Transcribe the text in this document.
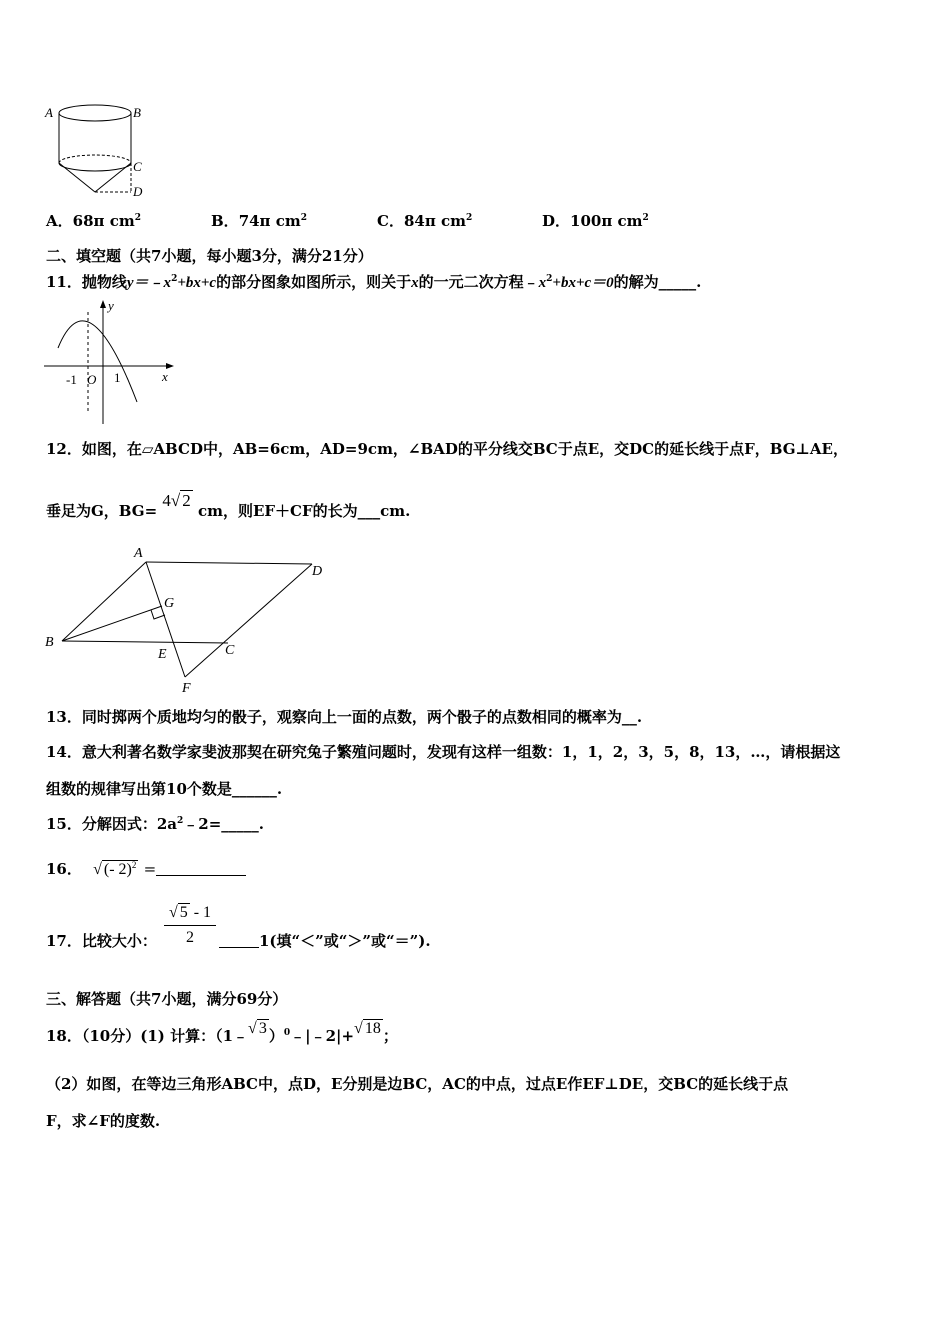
A	B
C
D
A．68π $cm^2$	B．74π $cm^2$	C．84π $cm^2$	D．100π $cm^2$
二、填空题（共7小题，每小题3分，满分21分）
11．抛物线$y=﹣x^2+bx+c$的部分图象如图所示，则关于x的一元二次方程$﹣x^2+bx+c=0$的解为_____.
y
x
-1 O 1
12．如图，在▱ABCD中，AB=6cm，AD=9cm，∠BAD的平分线交BC于点E，交DC的延长线于点F，BG⊥AE，
垂足为G，BG= 4√ 2 cm，则EF＋CF的长为___cm.
A
D
B
C
E
F
G
13．同时掷两个质地均匀的骰子，观察向上一面的点数，两个骰子的点数相同的概率为__.
14．意大利著名数学家斐波那契在研究兔子繁殖问题时，发现有这样一组数：1，1，2，3，5，8，13，…，请根据这
组数的规律写出第10个数是______.
15．分解因式：$2a^2﹣2=\_\_\_\_\_$.
16． √ (- 2)$^2$ =
17．比较大小：
√ 5 - 1
2	1(填“＜”或“＞”或“＝”).
三、解答题（共7小题，满分69分）
18．（10分）(1) 计算：（1﹣√ 3 ）$^0$﹣|﹣2|+√ 18 ；
（2）如图，在等边三角形ABC中，点D，E分别是边BC，AC的中点，过点E作EF⊥DE，交BC的延长线于点
F，求∠F的度数.
